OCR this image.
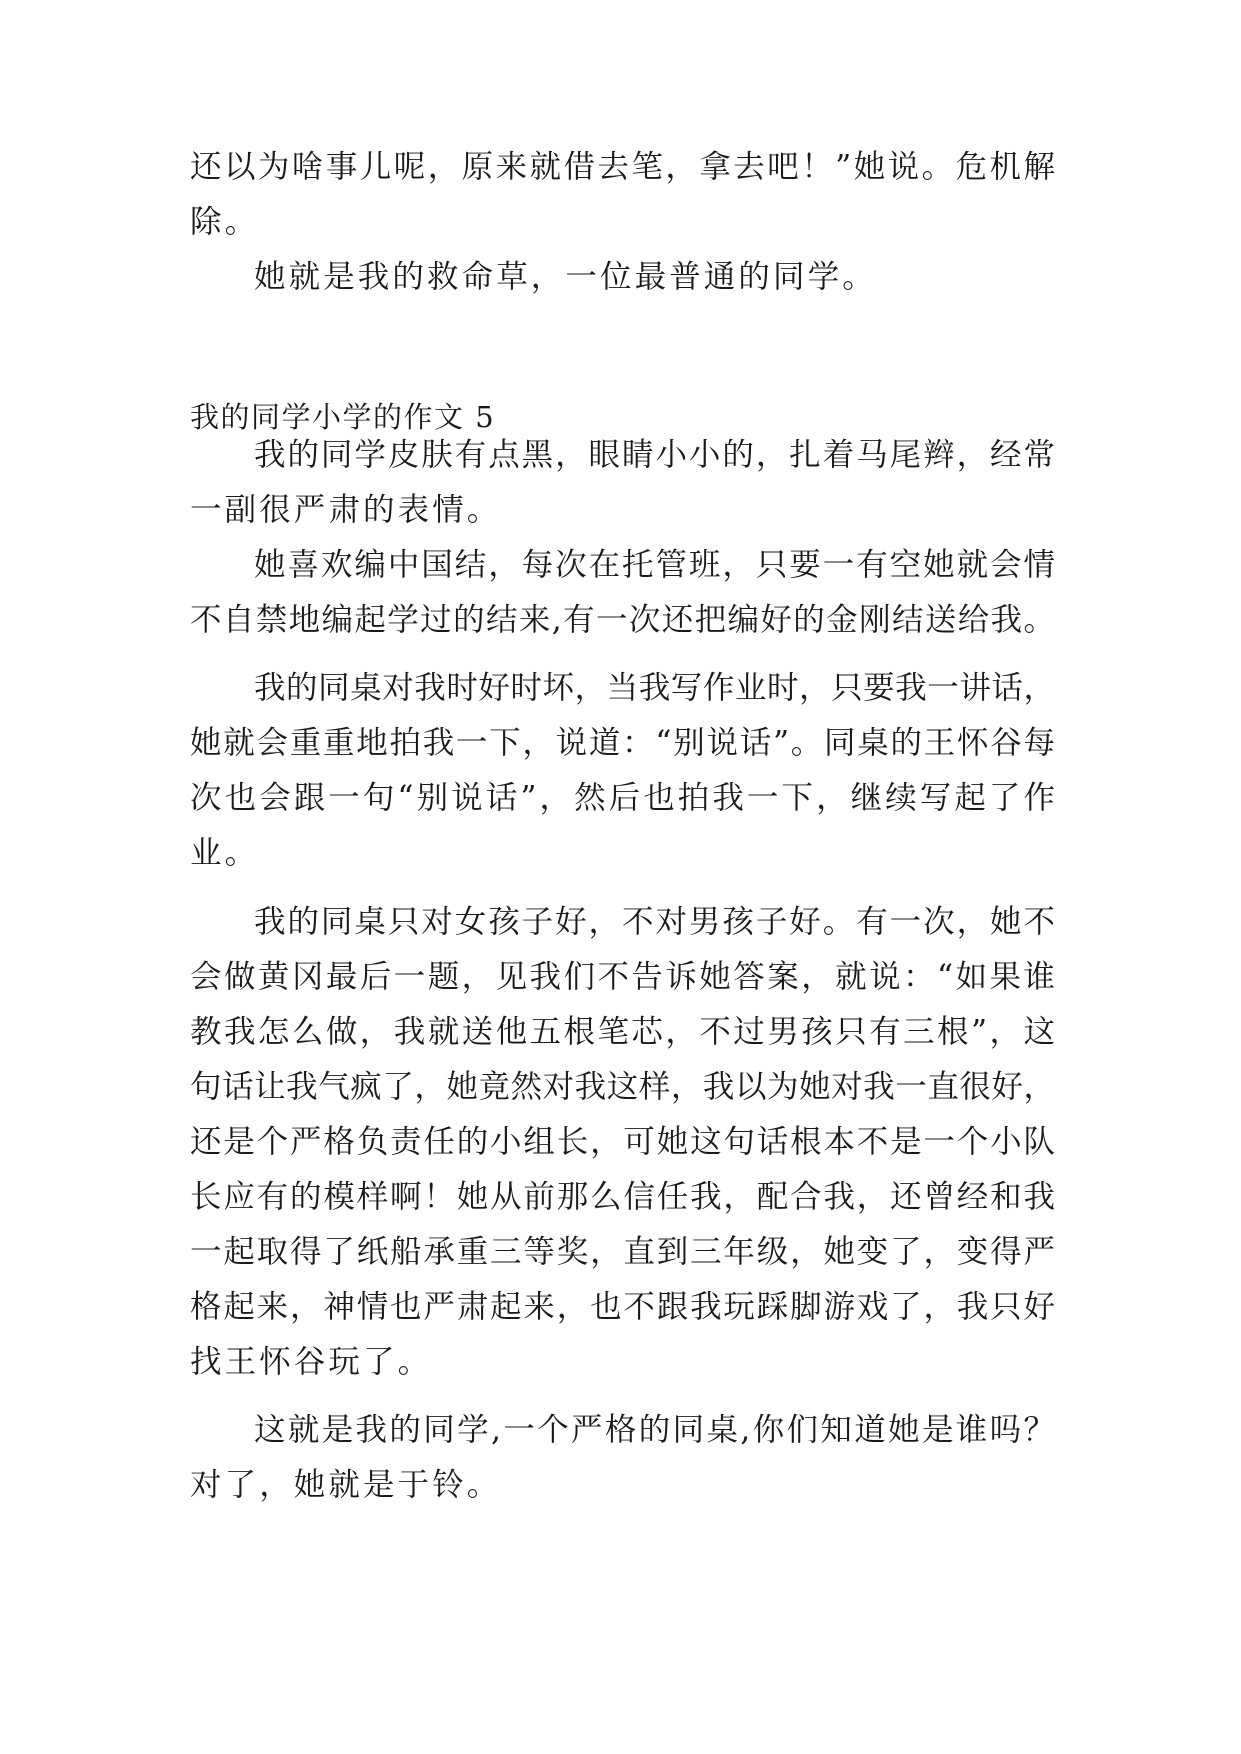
还以为啥事儿呢，原来就借去笔，拿去吧！”她说。危机解

除。

她就是我的救命草，一位最普通的同学。

我的同学小学的作文 5

我的同学皮肤有点黑，眼睛小小的，扎着马尾辫，经常

一副很严肃的表情。

她喜欢编中国结，每次在托管班，只要一有空她就会情

不自禁地编起学过的结来,有一次还把编好的金刚结送给我。

我的同桌对我时好时坏，当我写作业时，只要我一讲话，

她就会重重地拍我一下，说道：“别说话”。同桌的王怀谷每

次也会跟一句“别说话”，然后也拍我一下，继续写起了作

业。

我的同桌只对女孩子好，不对男孩子好。有一次，她不

会做黄冈最后一题，见我们不告诉她答案，就说：“如果谁

教我怎么做，我就送他五根笔芯，不过男孩只有三根”，这

句话让我气疯了，她竟然对我这样，我以为她对我一直很好，

还是个严格负责任的小组长，可她这句话根本不是一个小队

长应有的模样啊！她从前那么信任我，配合我，还曾经和我

一起取得了纸船承重三等奖，直到三年级，她变了，变得严

格起来，神情也严肃起来，也不跟我玩踩脚游戏了，我只好

找王怀谷玩了。

这就是我的同学,一个严格的同桌,你们知道她是谁吗？

对了，她就是于铃。
